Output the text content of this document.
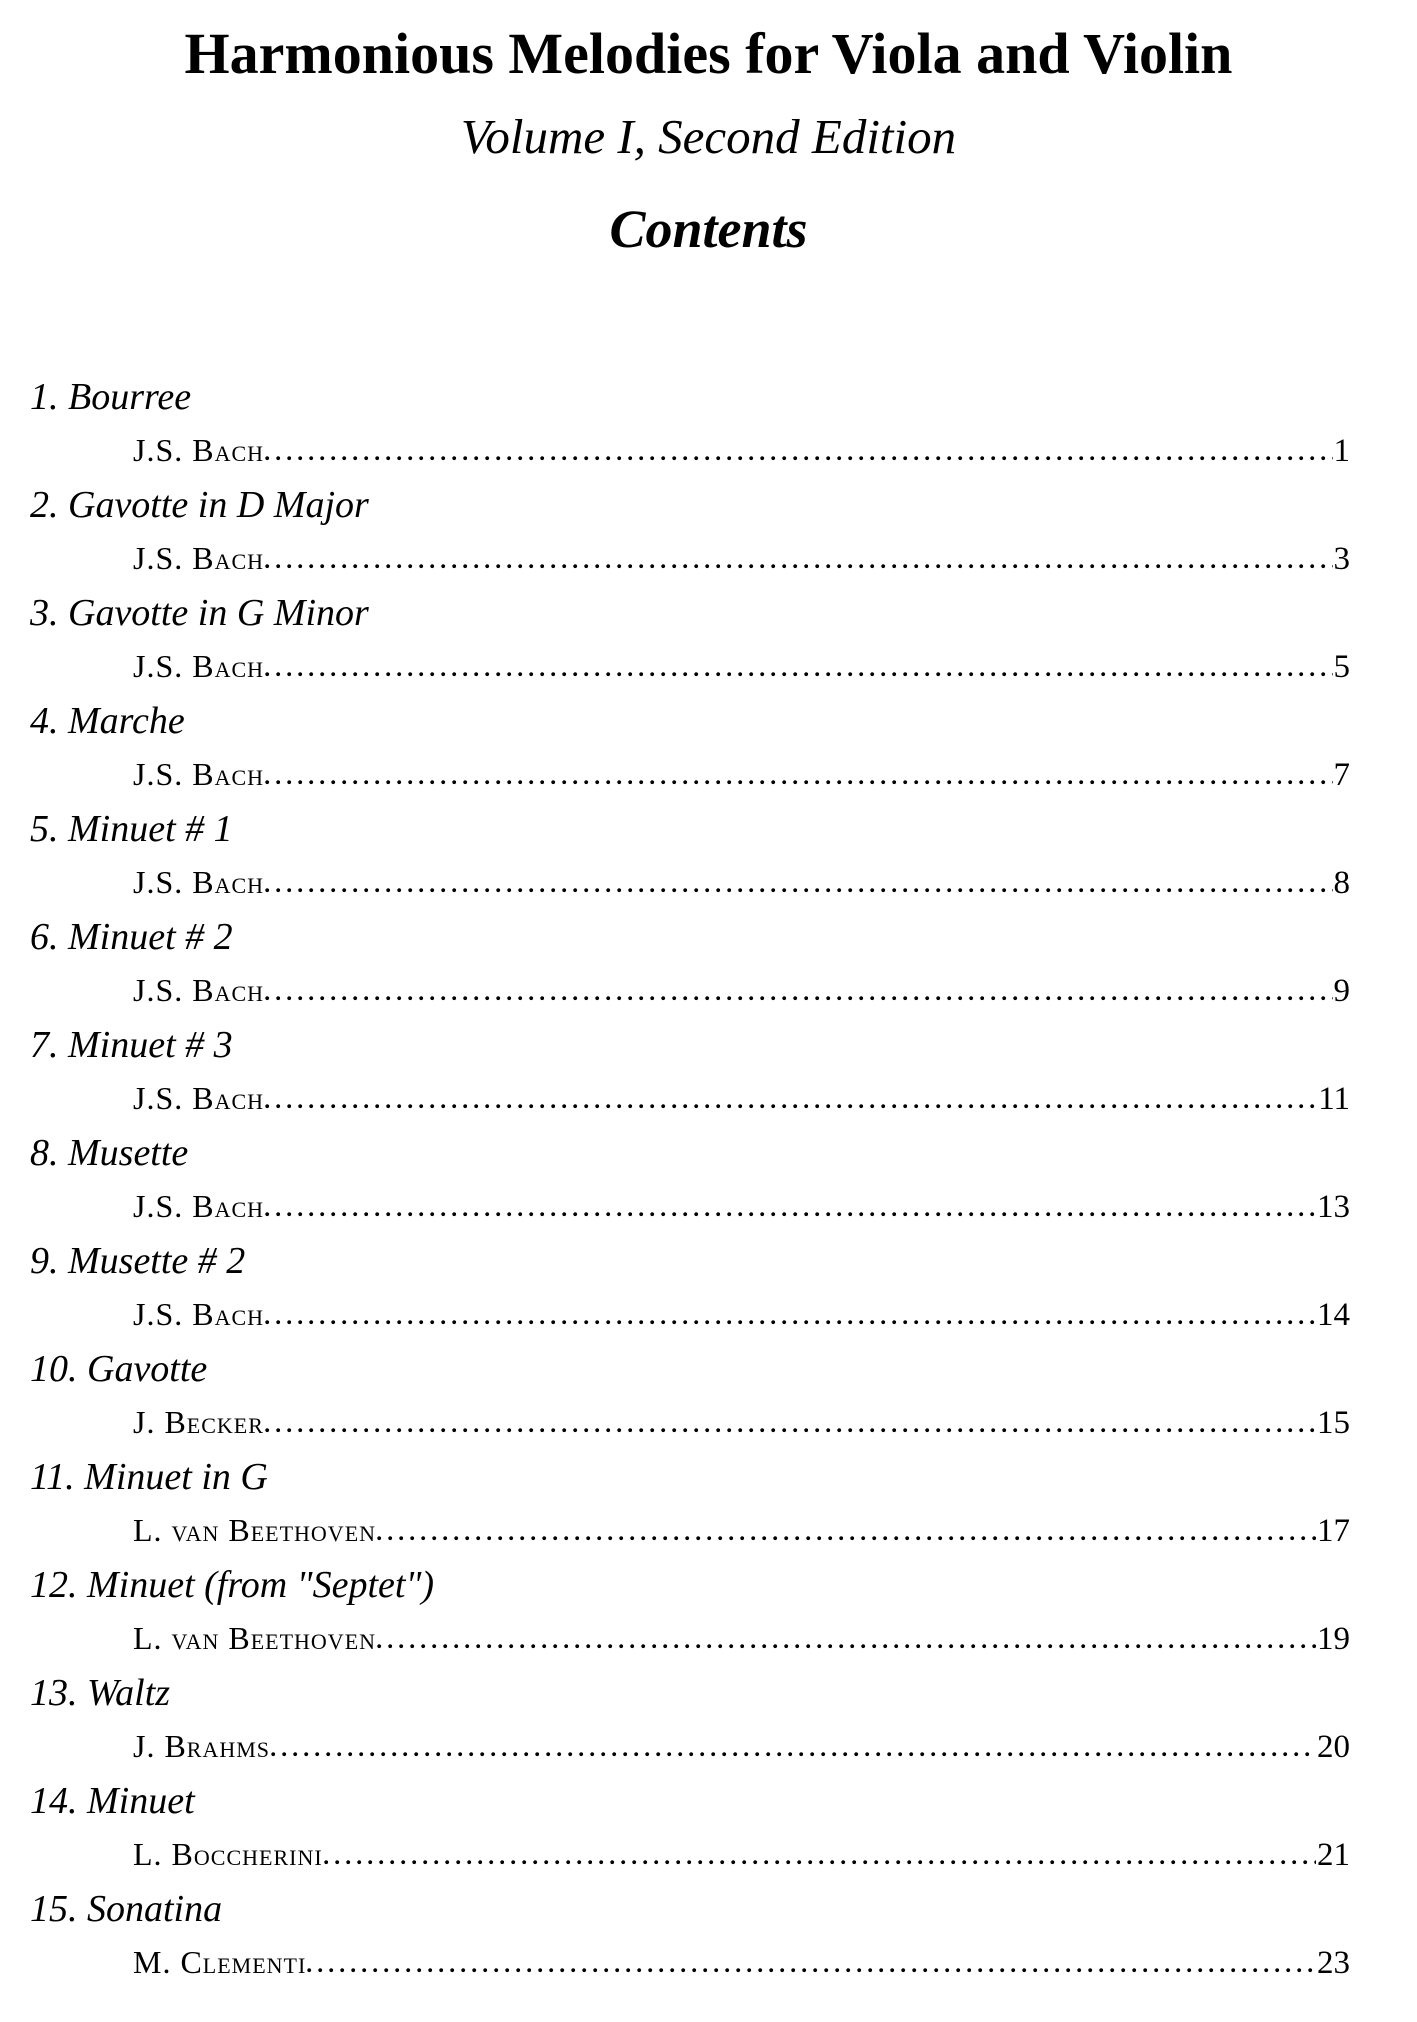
Harmonious Melodies for Viola and Violin
Volume I, Second Edition
Contents
1. Bourree
J.S. Bach	1
2. Gavotte in D Major
J.S. Bach	3
3. Gavotte in G Minor
J.S. Bach	5
4. Marche
J.S. Bach	7
5. Minuet # 1
J.S. Bach	8
6. Minuet # 2
J.S. Bach	9
7. Minuet # 3
J.S. Bach	11
8. Musette
J.S. Bach	13
9. Musette # 2
J.S. Bach	14
10. Gavotte
J. Becker	15
11. Minuet in G
L. van Beethoven	17
12. Minuet (from "Septet")
L. van Beethoven	19
13. Waltz
J. Brahms	20
14. Minuet
L. Boccherini	21
15. Sonatina
M. Clementi	23
